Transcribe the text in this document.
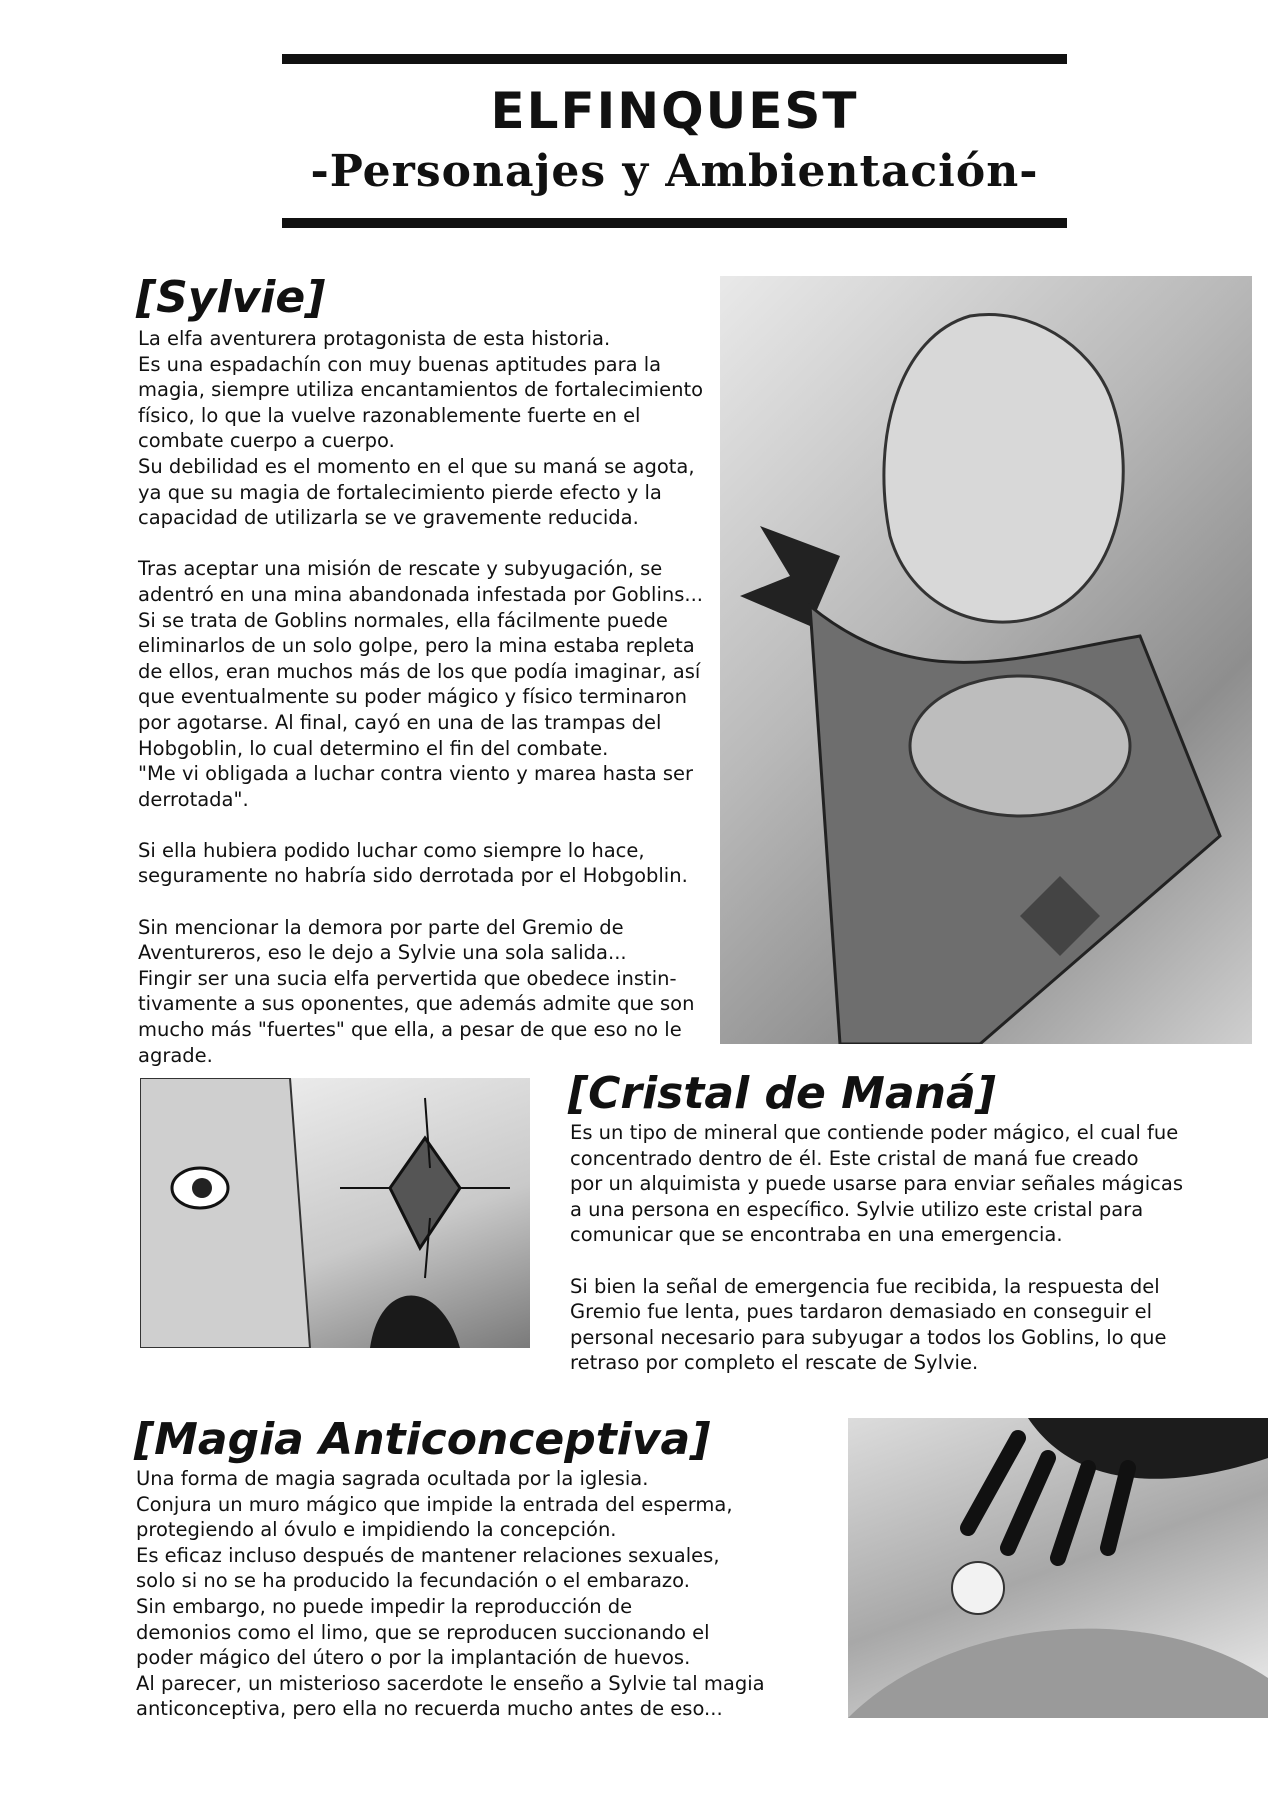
ELFINQUEST
-Personajes y Ambientación-
[Sylvie]
La elfa aventurera protagonista de esta historia.
Es una espadachín con muy buenas aptitudes para la
magia, siempre utiliza encantamientos de fortalecimiento
físico, lo que la vuelve razonablemente fuerte en el
combate cuerpo a cuerpo.
Su debilidad es el momento en el que su maná se agota,
ya que su magia de fortalecimiento pierde efecto y la
capacidad de utilizarla se ve gravemente reducida.
Tras aceptar una misión de rescate y subyugación, se
adentró en una mina abandonada infestada por Goblins...
Si se trata de Goblins normales, ella fácilmente puede
eliminarlos de un solo golpe, pero la mina estaba repleta
de ellos, eran muchos más de los que podía imaginar, así
que eventualmente su poder mágico y físico terminaron
por agotarse. Al final, cayó en una de las trampas del
Hobgoblin, lo cual determino el fin del combate.
"Me vi obligada a luchar contra viento y marea hasta ser
derrotada".
Si ella hubiera podido luchar como siempre lo hace,
seguramente no habría sido derrotada por el Hobgoblin.
Sin mencionar la demora por parte del Gremio de
Aventureros, eso le dejo a Sylvie una sola salida...
Fingir ser una sucia elfa pervertida que obedece instin-
tivamente a sus oponentes, que además admite que son
mucho más "fuertes" que ella, a pesar de que eso no le
agrade.
[Cristal de Maná]
Es un tipo de mineral que contiende poder mágico, el cual fue
concentrado dentro de él. Este cristal de maná fue creado
por un alquimista y puede usarse para enviar señales mágicas
a una persona en específico. Sylvie utilizo este cristal para
comunicar que se encontraba en una emergencia.
Si bien la señal de emergencia fue recibida, la respuesta del
Gremio fue lenta, pues tardaron demasiado en conseguir el
personal necesario para subyugar a todos los Goblins, lo que
retraso por completo el rescate de Sylvie.
[Magia Anticonceptiva]
Una forma de magia sagrada ocultada por la iglesia.
Conjura un muro mágico que impide la entrada del esperma,
protegiendo al óvulo e impidiendo la concepción.
Es eficaz incluso después de mantener relaciones sexuales,
solo si no se ha producido la fecundación o el embarazo.
Sin embargo, no puede impedir la reproducción de
demonios como el limo, que se reproducen succionando el
poder mágico del útero o por la implantación de huevos.
Al parecer, un misterioso sacerdote le enseño a Sylvie tal magia
anticonceptiva, pero ella no recuerda mucho antes de eso...
